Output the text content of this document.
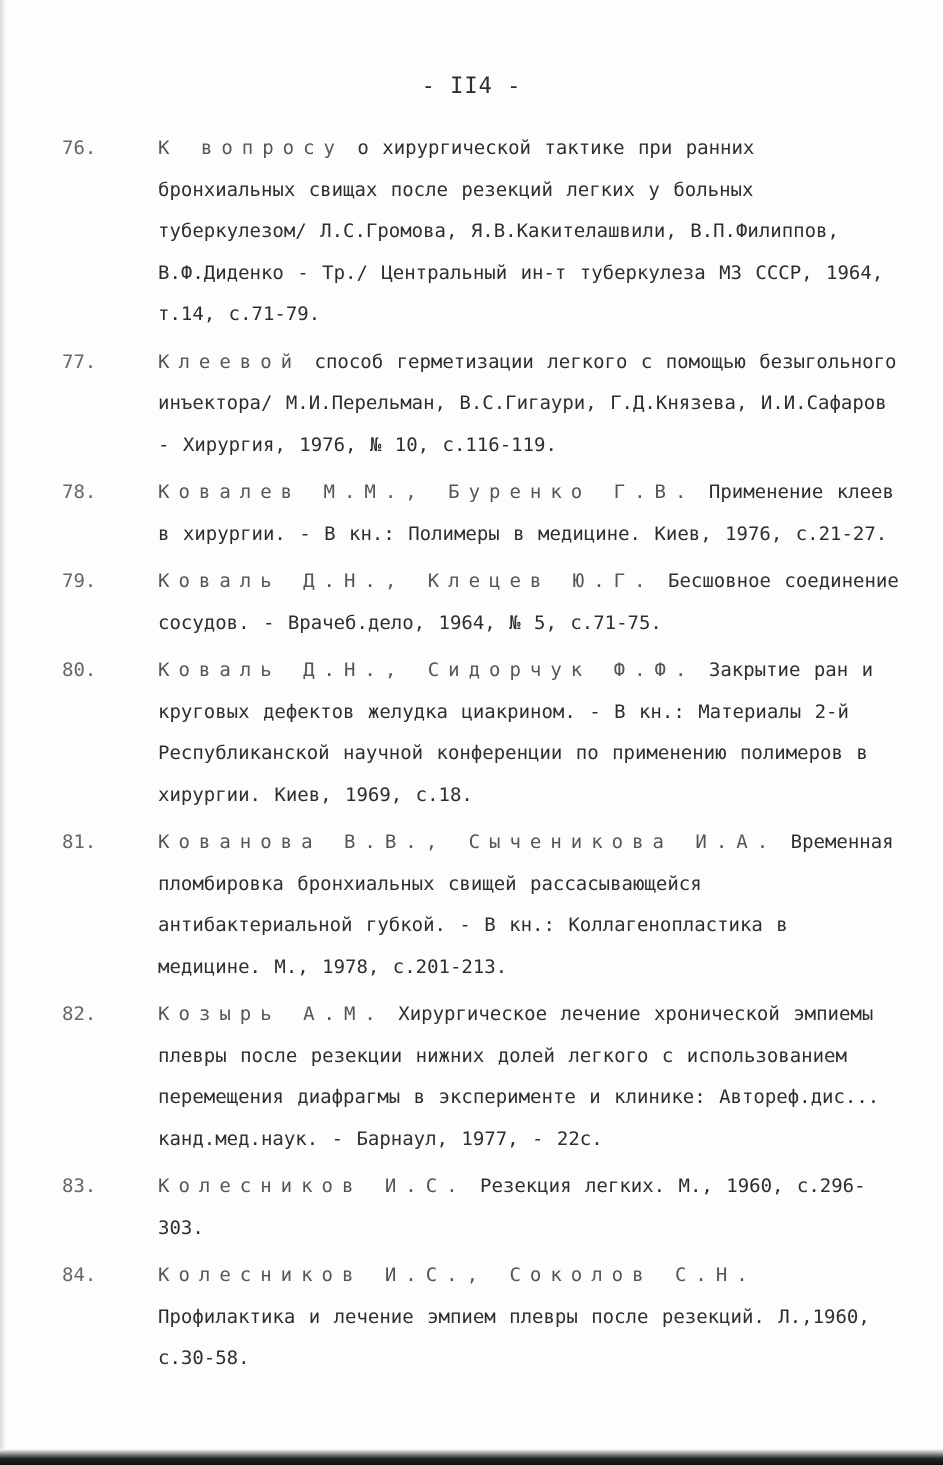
- II4 -
76.	К вопросу о хирургической тактике при ранних бронхиальных свищах после резекций легких у больных туберкулезом/ Л.С.Громова, Я.В.Какителашвили, В.П.Филиппов, В.Ф.Диденко - Тр./ Центральный ин-т туберкулеза МЗ СССР, 1964, т.14, с.71-79.
77.	Клеевой способ герметизации легкого с помощью безыгольного инъектора/ М.И.Перельман, В.С.Гигаури, Г.Д.Князева, И.И.Сафаров - Хирургия, 1976, № 10, с.116-119.
78.	Ковалев М.М., Буренко Г.В. Применение клеев в хирургии. - В кн.: Полимеры в медицине. Киев, 1976, с.21-27.
79.	Коваль Д.Н., Клецев Ю.Г. Бесшовное соединение сосудов. - Врачеб.дело, 1964, № 5, с.71-75.
80.	Коваль Д.Н., Сидорчук Ф.Ф. Закрытие ран и круговых дефектов желудка циакрином. - В кн.: Материалы 2-й Республиканской научной конференции по применению полимеров в хирургии. Киев, 1969, с.18.
81.	Кованова В.В., Сыченикова И.А. Временная пломбировка бронхиальных свищей рассасывающейся антибактериальной губкой. - В кн.: Коллагенопластика в медицине. М., 1978, с.201-213.
82.	Козырь А.М. Хирургическое лечение хронической эмпиемы плевры после резекции нижних долей легкого с использованием перемещения диафрагмы в эксперименте и клинике: Автореф.дис... канд.мед.наук. - Барнаул, 1977, - 22с.
83.	Колесников И.С. Резекция легких. М., 1960, с.296-303.
84.	Колесников И.С., Соколов С.Н. Профилактика и лечение эмпием плевры после резекций. Л.,1960, с.30-58.
